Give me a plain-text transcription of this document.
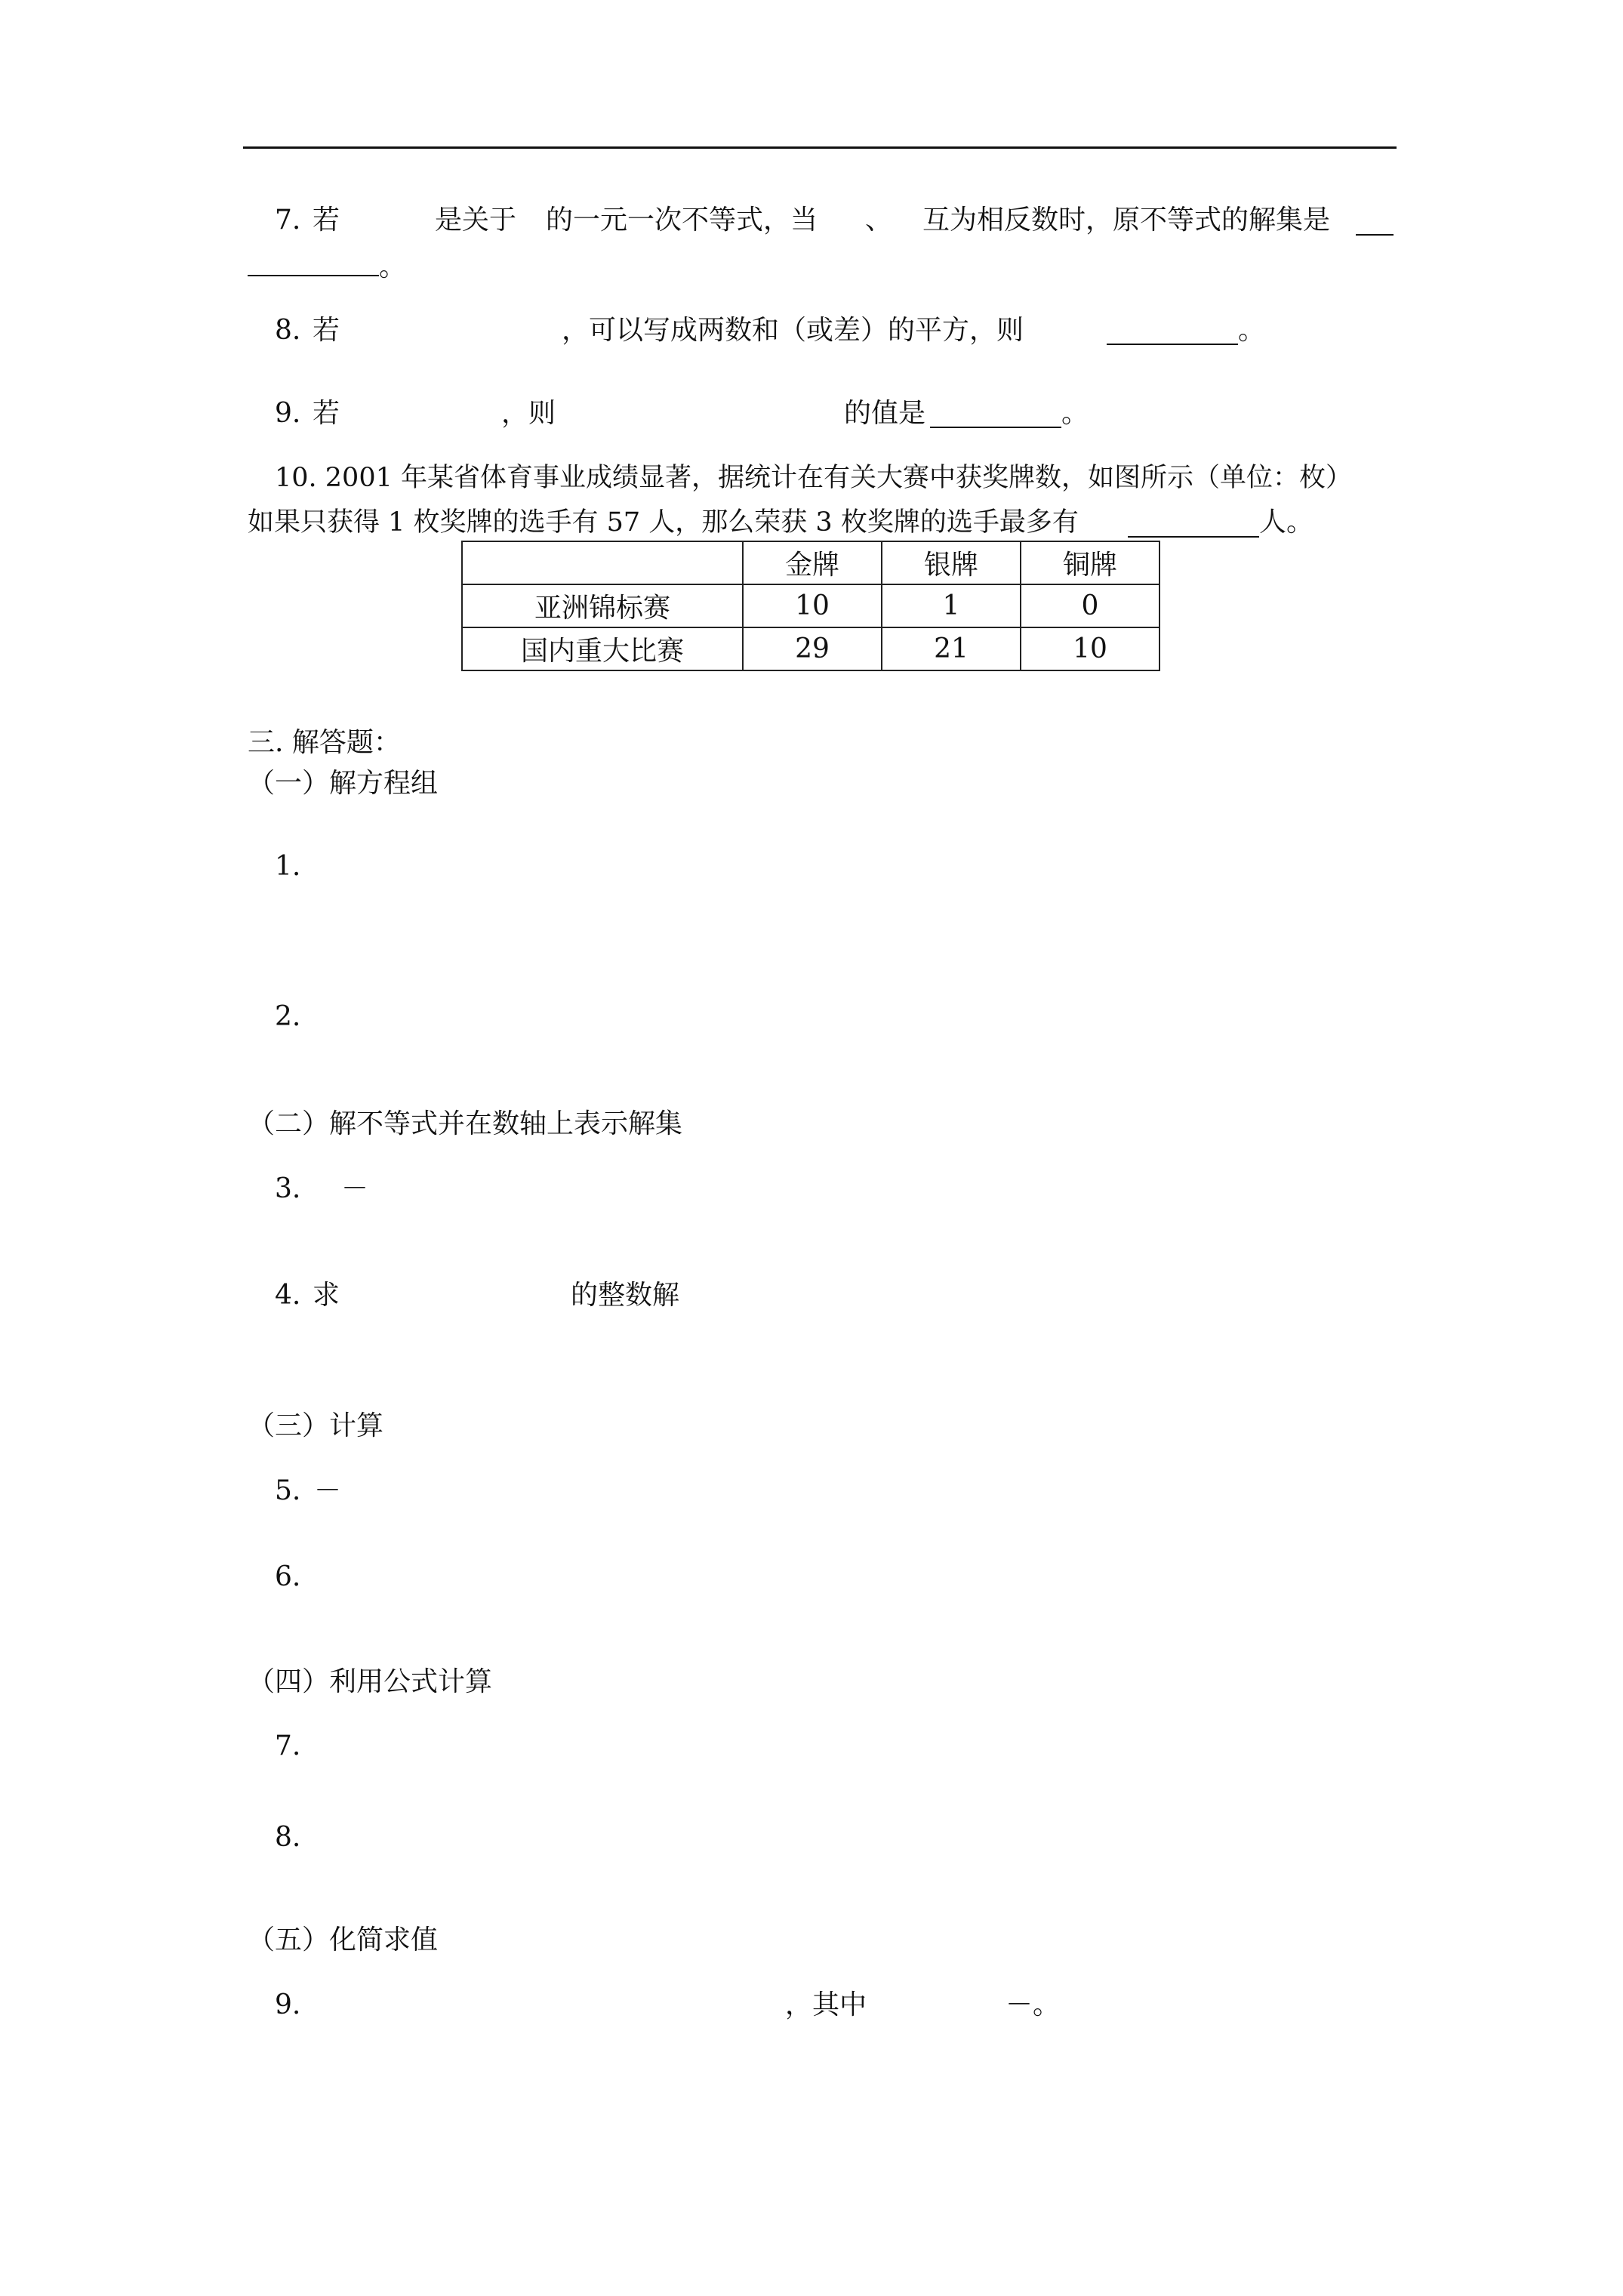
7. 若	是关于 的一元一次不等式，当 、 互为相反数时，原不等式的解集是
。
8. 若	，可以写成两数和（或差）的平方，则	。
9. 若	，则	的值是	。
10. 2001 年某省体育事业成绩显著，据统计在有关大赛中获奖牌数，如图所示（单位：枚）
如果只获得 1 枚奖牌的选手有 57 人，那么荣获 3 枚奖牌的选手最多有	人。
	金牌	银牌	铜牌
亚洲锦标赛	10	1	0
国内重大比赛	29	21	10
三. 解答题：
（一）解方程组
1.
2.
（二）解不等式并在数轴上表示解集
3. －
4. 求	的整数解
（三）计算
5. －
6.
（四）利用公式计算
7.
8.
（五）化简求值
9.	，其中	－。
